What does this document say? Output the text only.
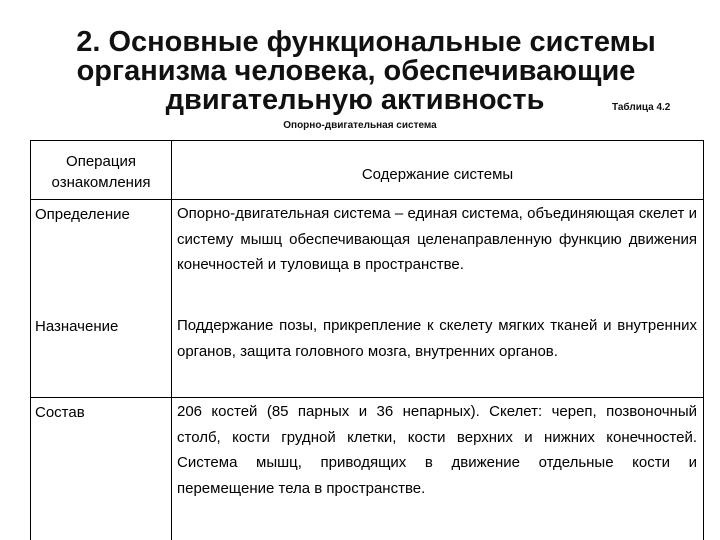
2. Основные функциональные системы
организма человека, обеспечивающие
двигательную активность	Таблица 4.2
Опорно-двигательная система
Операция
ознакомления	Содержание системы
Определение	Опорно-двигательная система – единая система, объединяющая скелет и систему мышц обеспечивающая целенаправленную функцию движения конечностей и туловища в пространстве.
Назначение	Поддержание позы, прикрепление к скелету мягких тканей и внутренних органов, защита головного мозга, внутренних органов.
Состав	206 костей (85 парных и 36 непарных). Скелет: череп, позвоночный столб, кости грудной клетки, кости верхних и нижних конечностей. Система мышц, приводящих в движение отдельные кости и перемещение тела в пространстве.
